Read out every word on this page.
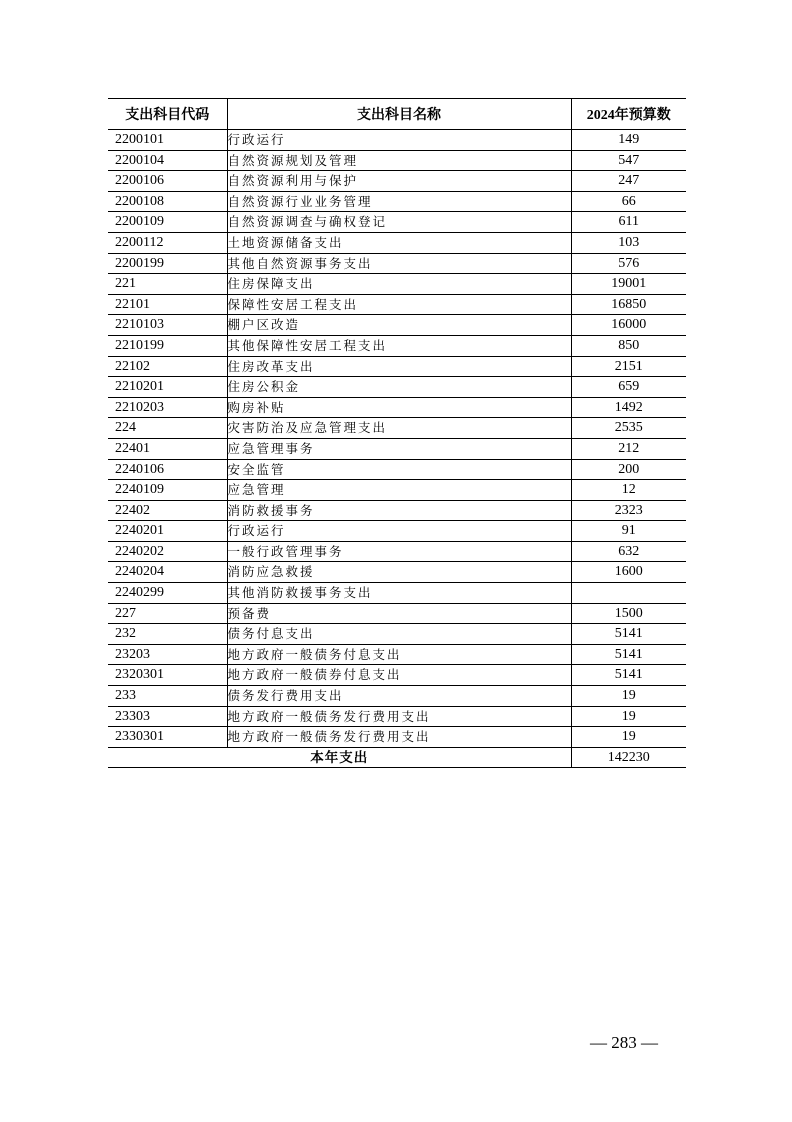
支出科目代码	支出科目名称	2024年预算数
2200101	行政运行	149
2200104	自然资源规划及管理	547
2200106	自然资源利用与保护	247
2200108	自然资源行业业务管理	66
2200109	自然资源调查与确权登记	611
2200112	土地资源储备支出	103
2200199	其他自然资源事务支出	576
221	住房保障支出	19001
22101	保障性安居工程支出	16850
2210103	棚户区改造	16000
2210199	其他保障性安居工程支出	850
22102	住房改革支出	2151
2210201	住房公积金	659
2210203	购房补贴	1492
224	灾害防治及应急管理支出	2535
22401	应急管理事务	212
2240106	安全监管	200
2240109	应急管理	12
22402	消防救援事务	2323
2240201	行政运行	91
2240202	一般行政管理事务	632
2240204	消防应急救援	1600
2240299	其他消防救援事务支出	
227	预备费	1500
232	债务付息支出	5141
23203	地方政府一般债务付息支出	5141
2320301	地方政府一般债券付息支出	5141
233	债务发行费用支出	19
23303	地方政府一般债务发行费用支出	19
2330301	地方政府一般债务发行费用支出	19
本年支出		142230
— 283 —
